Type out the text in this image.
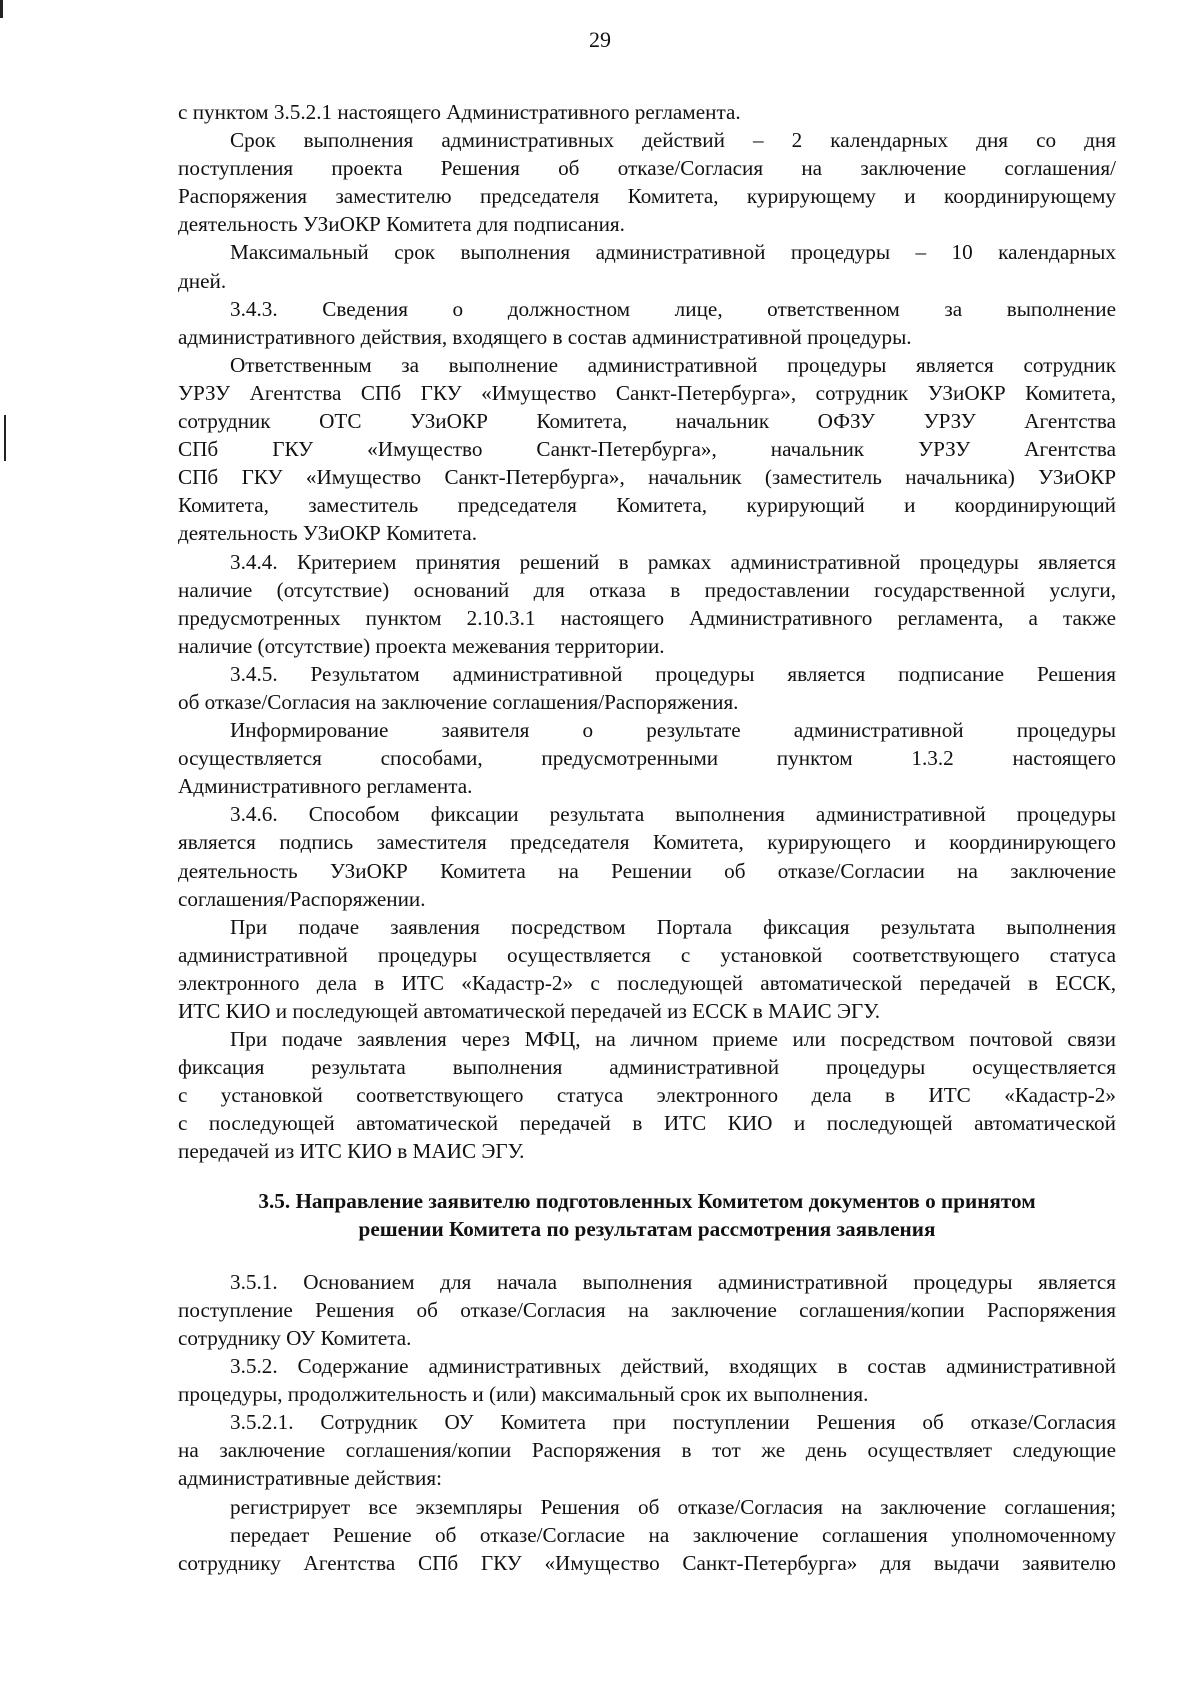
29
с пунктом 3.5.2.1 настоящего Административного регламента.
Срок выполнения административных действий – 2 календарных дня со дня
поступления проекта Решения об отказе/Согласия на заключение соглашения/
Распоряжения заместителю председателя Комитета, курирующему и координирующему
деятельность УЗиОКР Комитета для подписания.
Максимальный срок выполнения административной процедуры – 10 календарных
дней.
3.4.3. Сведения о должностном лице, ответственном за выполнение
административного действия, входящего в состав административной процедуры.
Ответственным за выполнение административной процедуры является сотрудник
УРЗУ Агентства СПб ГКУ «Имущество Санкт-Петербурга», сотрудник УЗиОКР Комитета,
сотрудник ОТС УЗиОКР Комитета, начальник ОФЗУ УРЗУ Агентства
СПб ГКУ «Имущество Санкт-Петербурга», начальник УРЗУ Агентства
СПб ГКУ «Имущество Санкт-Петербурга», начальник (заместитель начальника) УЗиОКР
Комитета, заместитель председателя Комитета, курирующий и координирующий
деятельность УЗиОКР Комитета.
3.4.4. Критерием принятия решений в рамках административной процедуры является
наличие (отсутствие) оснований для отказа в предоставлении государственной услуги,
предусмотренных пунктом 2.10.3.1 настоящего Административного регламента, а также
наличие (отсутствие) проекта межевания территории.
3.4.5. Результатом административной процедуры является подписание Решения
об отказе/Согласия на заключение соглашения/Распоряжения.
Информирование заявителя о результате административной процедуры
осуществляется способами, предусмотренными пунктом 1.3.2 настоящего
Административного регламента.
3.4.6. Способом фиксации результата выполнения административной процедуры
является подпись заместителя председателя Комитета, курирующего и координирующего
деятельность УЗиОКР Комитета на Решении об отказе/Согласии на заключение
соглашения/Распоряжении.
При подаче заявления посредством Портала фиксация результата выполнения
административной процедуры осуществляется с установкой соответствующего статуса
электронного дела в ИТС «Кадастр-2» с последующей автоматической передачей в ЕССК,
ИТС КИО и последующей автоматической передачей из ЕССК в МАИС ЭГУ.
При подаче заявления через МФЦ, на личном приеме или посредством почтовой связи
фиксация результата выполнения административной процедуры осуществляется
с установкой соответствующего статуса электронного дела в ИТС «Кадастр-2»
с последующей автоматической передачей в ИТС КИО и последующей автоматической
передачей из ИТС КИО в МАИС ЭГУ.
3.5. Направление заявителю подготовленных Комитетом документов о принятом
решении Комитета по результатам рассмотрения заявления
3.5.1. Основанием для начала выполнения административной процедуры является
поступление Решения об отказе/Согласия на заключение соглашения/копии Распоряжения
сотруднику ОУ Комитета.
3.5.2. Содержание административных действий, входящих в состав административной
процедуры, продолжительность и (или) максимальный срок их выполнения.
3.5.2.1. Сотрудник ОУ Комитета при поступлении Решения об отказе/Согласия
на заключение соглашения/копии Распоряжения в тот же день осуществляет следующие
административные действия:
регистрирует все экземпляры Решения об отказе/Согласия на заключение соглашения;
передает Решение об отказе/Согласие на заключение соглашения уполномоченному
сотруднику Агентства СПб ГКУ «Имущество Санкт-Петербурга» для выдачи заявителю
